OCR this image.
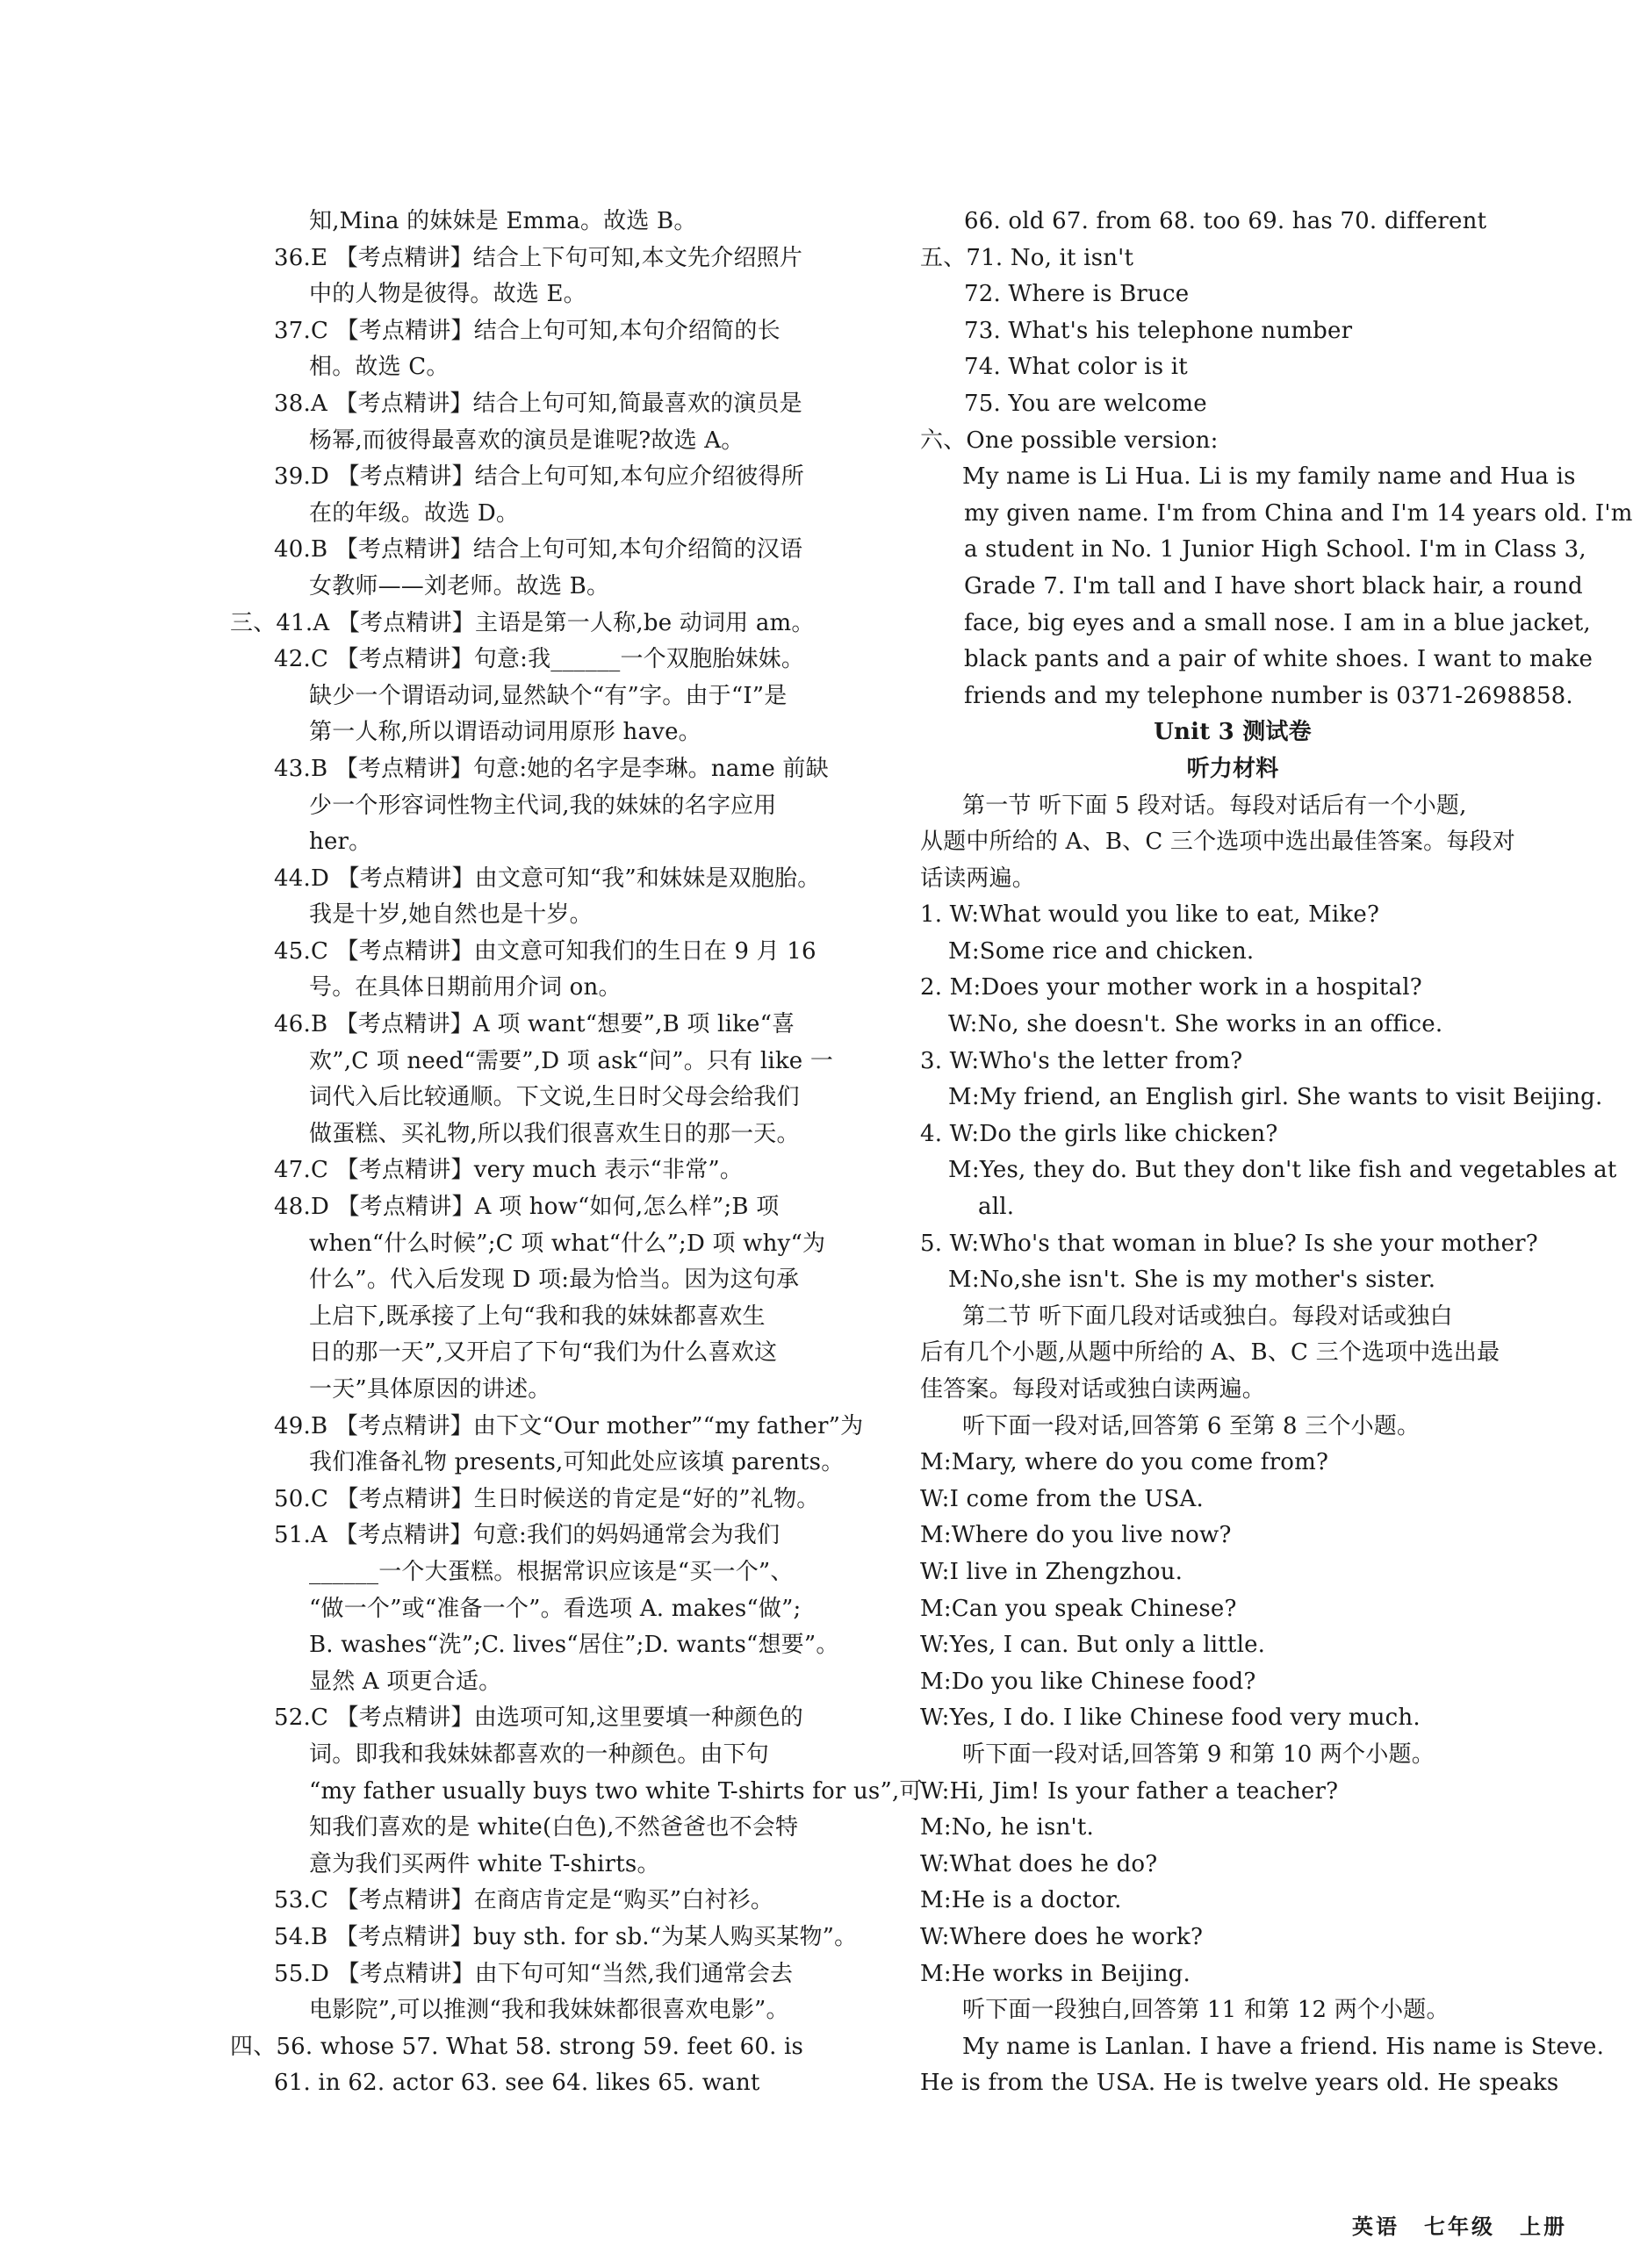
知,Mina 的妹妹是 Emma。故选 B。
36.E 【考点精讲】结合上下句可知,本文先介绍照片
中的人物是彼得。故选 E。
37.C 【考点精讲】结合上句可知,本句介绍简的长
相。故选 C。
38.A 【考点精讲】结合上句可知,简最喜欢的演员是
杨幂,而彼得最喜欢的演员是谁呢?故选 A。
39.D 【考点精讲】结合上句可知,本句应介绍彼得所
在的年级。故选 D。
40.B 【考点精讲】结合上句可知,本句介绍简的汉语
女教师——刘老师。故选 B。
三、41.A 【考点精讲】主语是第一人称,be 动词用 am。
42.C 【考点精讲】句意:我______一个双胞胎妹妹。
缺少一个谓语动词,显然缺个“有”字。由于“I”是
第一人称,所以谓语动词用原形 have。
43.B 【考点精讲】句意:她的名字是李琳。name 前缺
少一个形容词性物主代词,我的妹妹的名字应用
her。
44.D 【考点精讲】由文意可知“我”和妹妹是双胞胎。
我是十岁,她自然也是十岁。
45.C 【考点精讲】由文意可知我们的生日在 9 月 16
号。在具体日期前用介词 on。
46.B 【考点精讲】A 项 want“想要”,B 项 like“喜
欢”,C 项 need“需要”,D 项 ask“问”。只有 like 一
词代入后比较通顺。下文说,生日时父母会给我们
做蛋糕、买礼物,所以我们很喜欢生日的那一天。
47.C 【考点精讲】very much 表示“非常”。
48.D 【考点精讲】A 项 how“如何,怎么样”;B 项
when“什么时候”;C 项 what“什么”;D 项 why“为
什么”。代入后发现 D 项:最为恰当。因为这句承
上启下,既承接了上句“我和我的妹妹都喜欢生
日的那一天”,又开启了下句“我们为什么喜欢这
一天”具体原因的讲述。
49.B 【考点精讲】由下文“Our mother”“my father”为
我们准备礼物 presents,可知此处应该填 parents。
50.C 【考点精讲】生日时候送的肯定是“好的”礼物。
51.A 【考点精讲】句意:我们的妈妈通常会为我们
______一个大蛋糕。根据常识应该是“买一个”、
“做一个”或“准备一个”。看选项 A. makes“做”;
B. washes“洗”;C. lives“居住”;D. wants“想要”。
显然 A 项更合适。
52.C 【考点精讲】由选项可知,这里要填一种颜色的
词。即我和我妹妹都喜欢的一种颜色。由下句
“my father usually buys two white T-shirts for us”,可
知我们喜欢的是 white(白色),不然爸爸也不会特
意为我们买两件 white T-shirts。
53.C 【考点精讲】在商店肯定是“购买”白衬衫。
54.B 【考点精讲】buy sth. for sb.“为某人购买某物”。
55.D 【考点精讲】由下句可知“当然,我们通常会去
电影院”,可以推测“我和我妹妹都很喜欢电影”。
四、56. whose 57. What 58. strong 59. feet 60. is
61. in 62. actor 63. see 64. likes 65. want
66. old 67. from 68. too 69. has 70. different
五、71. No, it isn't
72. Where is Bruce
73. What's his telephone number
74. What color is it
75. You are welcome
六、One possible version:
My name is Li Hua. Li is my family name and Hua is
my given name. I'm from China and I'm 14 years old. I'm
a student in No. 1 Junior High School. I'm in Class 3,
Grade 7. I'm tall and I have short black hair, a round
face, big eyes and a small nose. I am in a blue jacket,
black pants and a pair of white shoes. I want to make
friends and my telephone number is 0371-2698858.
Unit 3 测试卷
听力材料
第一节 听下面 5 段对话。每段对话后有一个小题,
从题中所给的 A、B、C 三个选项中选出最佳答案。每段对
话读两遍。
1. W:What would you like to eat, Mike?
M:Some rice and chicken.
2. M:Does your mother work in a hospital?
W:No, she doesn't. She works in an office.
3. W:Who's the letter from?
M:My friend, an English girl. She wants to visit Beijing.
4. W:Do the girls like chicken?
M:Yes, they do. But they don't like fish and vegetables at
all.
5. W:Who's that woman in blue? Is she your mother?
M:No,she isn't. She is my mother's sister.
第二节 听下面几段对话或独白。每段对话或独白
后有几个小题,从题中所给的 A、B、C 三个选项中选出最
佳答案。每段对话或独白读两遍。
听下面一段对话,回答第 6 至第 8 三个小题。
M:Mary, where do you come from?
W:I come from the USA.
M:Where do you live now?
W:I live in Zhengzhou.
M:Can you speak Chinese?
W:Yes, I can. But only a little.
M:Do you like Chinese food?
W:Yes, I do. I like Chinese food very much.
听下面一段对话,回答第 9 和第 10 两个小题。
W:Hi, Jim! Is your father a teacher?
M:No, he isn't.
W:What does he do?
M:He is a doctor.
W:Where does he work?
M:He works in Beijing.
听下面一段独白,回答第 11 和第 12 两个小题。
My name is Lanlan. I have a friend. His name is Steve.
He is from the USA. He is twelve years old. He speaks
英语 七年级 上册
